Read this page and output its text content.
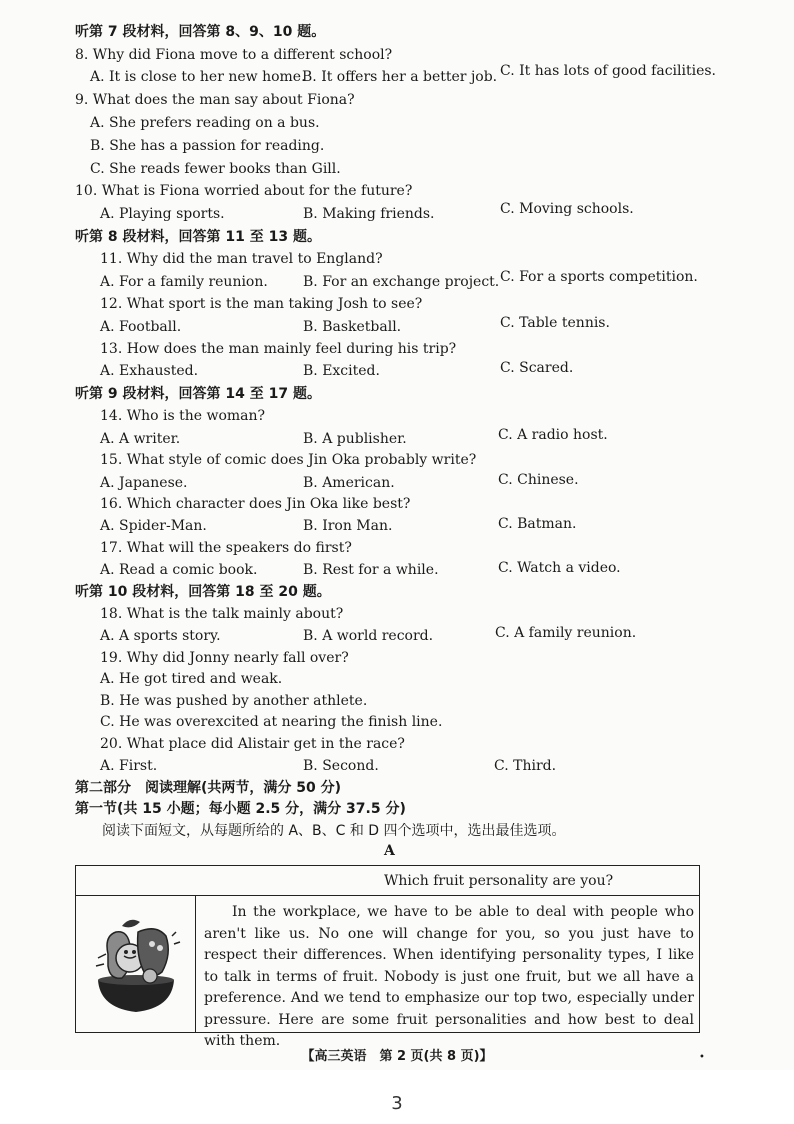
听第 7 段材料，回答第 8、9、10 题。
8. Why did Fiona move to a different school?
A. It is close to her new home.
B. It offers her a better job. C. It has lots of good facilities.
9. What does the man say about Fiona?
A. She prefers reading on a bus.
B. She has a passion for reading.
C. She reads fewer books than Gill.
10. What is Fiona worried about for the future?
A. Playing sports.	B. Making friends.	C. Moving schools.
听第 8 段材料，回答第 11 至 13 题。
11. Why did the man travel to England?
A. For a family reunion.	B. For an exchange project. C. For a sports competition.
12. What sport is the man taking Josh to see?
A. Football.	B. Basketball.	C. Table tennis.
13. How does the man mainly feel during his trip?
A. Exhausted.	B. Excited.	C. Scared.
听第 9 段材料，回答第 14 至 17 题。
14. Who is the woman?
A. A writer.	B. A publisher.	C. A radio host.
15. What style of comic does Jin Oka probably write?
A. Japanese.	B. American.	C. Chinese.
16. Which character does Jin Oka like best?
A. Spider-Man.	B. Iron Man.	C. Batman.
17. What will the speakers do first?
A. Read a comic book.	B. Rest for a while.	C. Watch a video.
听第 10 段材料，回答第 18 至 20 题。
18. What is the talk mainly about?
A. A sports story.	B. A world record.	C. A family reunion.
19. Why did Jonny nearly fall over?
A. He got tired and weak.
B. He was pushed by another athlete.
C. He was overexcited at nearing the finish line.
20. What place did Alistair get in the race?
A. First.	B. Second.	C. Third.
第二部分　阅读理解(共两节，满分 50 分)
第一节(共 15 小题；每小题 2.5 分，满分 37.5 分)
阅读下面短文，从每题所给的 A、B、C 和 D 四个选项中，选出最佳选项。
A
Which fruit personality are you?
In the workplace, we have to be able to deal with people who aren't like us. No one will change for you, so you just have to respect their differences. When identifying personality types, I like to talk in terms of fruit. Nobody is just one fruit, but we all have a preference. And we tend to emphasize our top two, especially under pressure. Here are some fruit personalities and how best to deal with them.
【高三英语　第 2 页(共 8 页)】	•
3
